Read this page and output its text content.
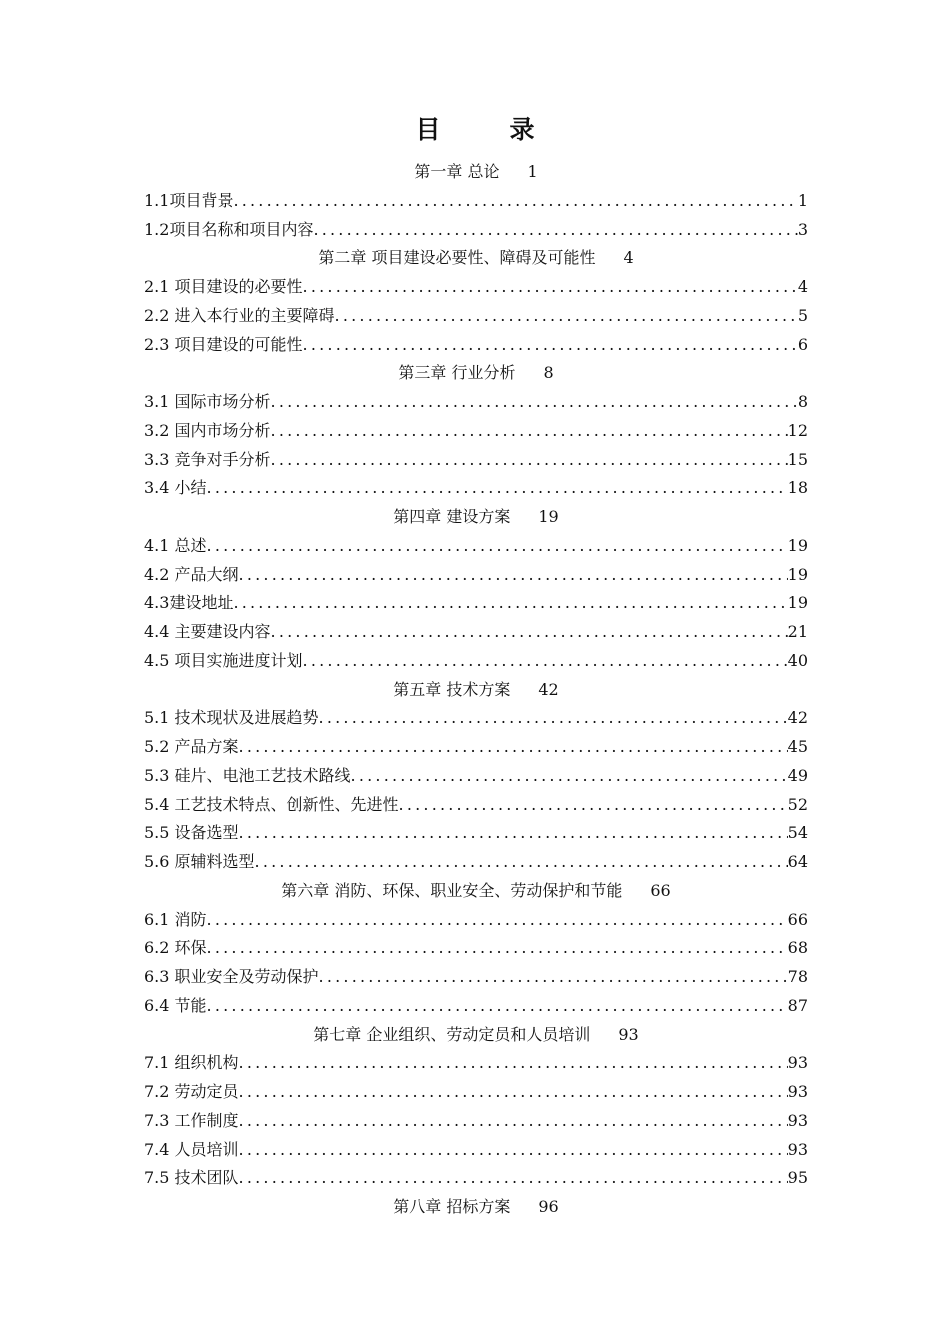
目　录
第一章 总论 1
1.1项目背景 .....	1
1.2项目名称和项目内容 .....	3
第二章 项目建设必要性、障碍及可能性 4
2.1 项目建设的必要性 .....	4
2.2 进入本行业的主要障碍 .....	5
2.3 项目建设的可能性 .....	6
第三章 行业分析 8
3.1 国际市场分析 .....	8
3.2 国内市场分析 .....	12
3.3 竞争对手分析 .....	15
3.4 小结 .....	18
第四章 建设方案 19
4.1 总述 .....	19
4.2 产品大纲 .....	19
4.3建设地址 .....	19
4.4 主要建设内容 .....	21
4.5 项目实施进度计划 .....	40
第五章 技术方案 42
5.1 技术现状及进展趋势 .....	42
5.2 产品方案 .....	45
5.3 硅片、电池工艺技术路线 .....	49
5.4 工艺技术特点、创新性、先进性 .....	52
5.5 设备选型 .....	54
5.6 原辅料选型 .....	64
第六章 消防、环保、职业安全、劳动保护和节能 66
6.1 消防 .....	66
6.2 环保 .....	68
6.3 职业安全及劳动保护 .....	78
6.4 节能 .....	87
第七章 企业组织、劳动定员和人员培训 93
7.1 组织机构 .....	93
7.2 劳动定员 .....	93
7.3 工作制度 .....	93
7.4 人员培训 .....	93
7.5 技术团队 .....	95
第八章 招标方案 96
